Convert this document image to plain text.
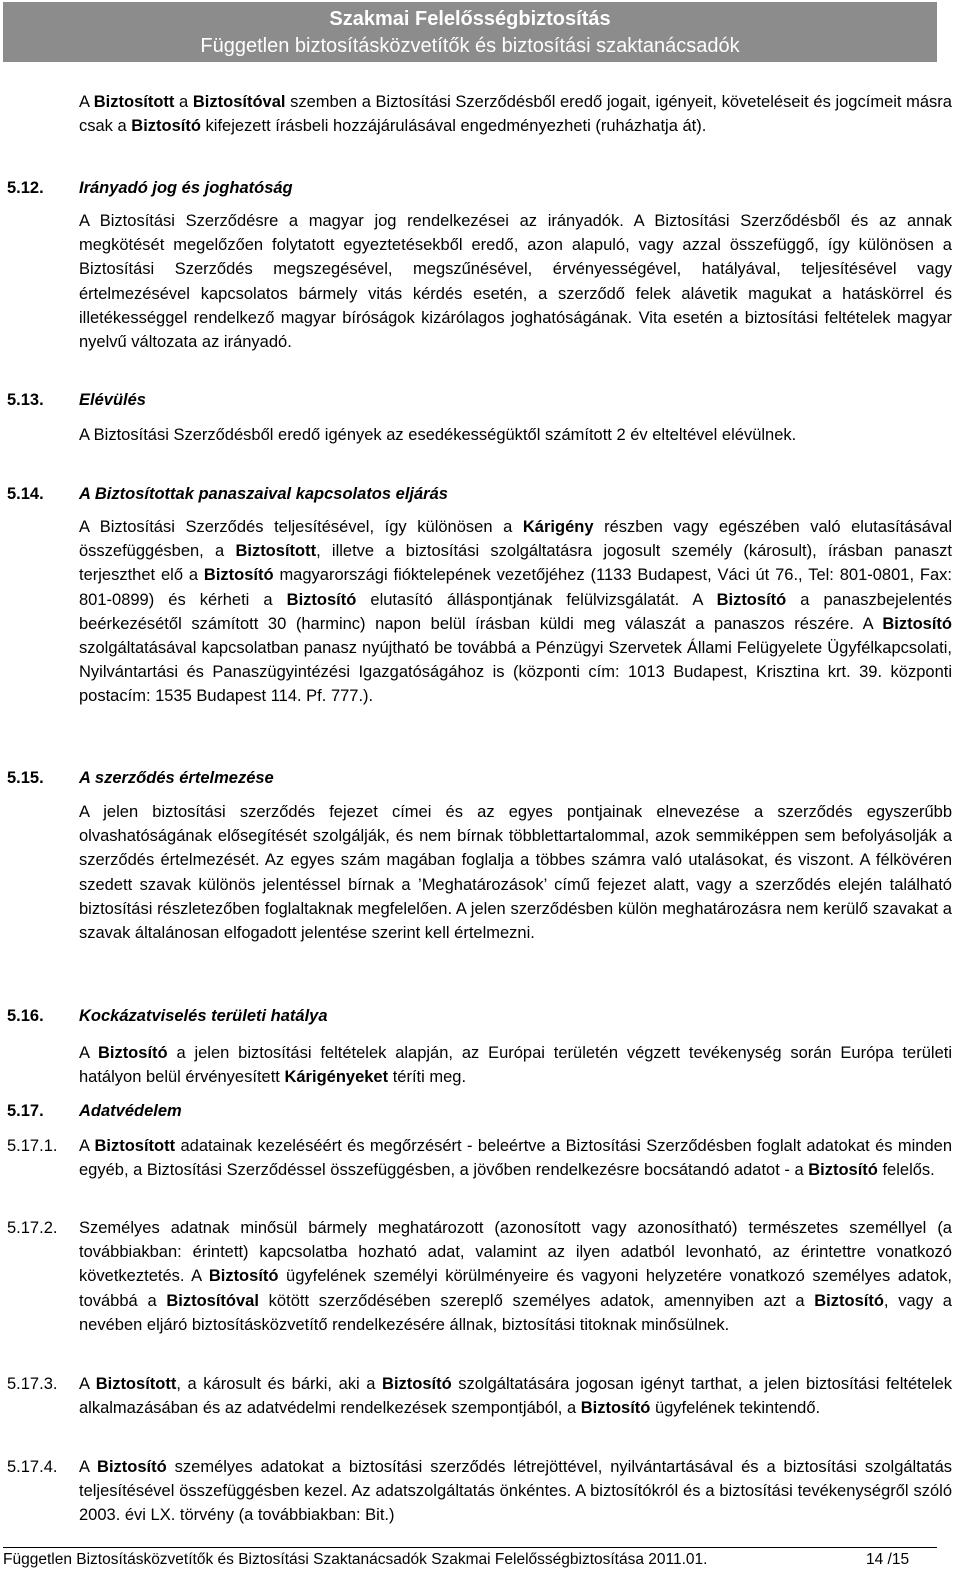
Szakmai Felelősségbiztosítás
Független biztosításközvetítők és biztosítási szaktanácsadók
A Biztosított a Biztosítóval szemben a Biztosítási Szerződésből eredő jogait, igényeit, követeléseit és jogcímeit másra csak a Biztosító kifejezett írásbeli hozzájárulásával engedményezheti (ruházhatja át).
5.12. Irányadó jog és joghatóság
A Biztosítási Szerződésre a magyar jog rendelkezései az irányadók. A Biztosítási Szerződésből és az annak megkötését megelőzően folytatott egyeztetésekből eredő, azon alapuló, vagy azzal összefüggő, így különösen a Biztosítási Szerződés megszegésével, megszűnésével, érvényességével, hatályával, teljesítésével vagy értelmezésével kapcsolatos bármely vitás kérdés esetén, a szerződő felek alávetik magukat a hatáskörrel és illetékességgel rendelkező magyar bíróságok kizárólagos joghatóságának. Vita esetén a biztosítási feltételek magyar nyelvű változata az irányadó.
5.13. Elévülés
A Biztosítási Szerződésből eredő igények az esedékességüktől számított 2 év elteltével elévülnek.
5.14. A Biztosítottak panaszaival kapcsolatos eljárás
A Biztosítási Szerződés teljesítésével, így különösen a Kárigény részben vagy egészében való elutasításával összefüggésben, a Biztosított, illetve a biztosítási szolgáltatásra jogosult személy (károsult), írásban panaszt terjeszthet elő a Biztosító magyarországi fióktelepének vezetőjéhez (1133 Budapest, Váci út 76., Tel: 801-0801, Fax: 801-0899) és kérheti a Biztosító elutasító álláspontjának felülvizsgálatát. A Biztosító a panaszbejelentés beérkezésétől számított 30 (harminc) napon belül írásban küldi meg válaszát a panaszos részére. A Biztosító szolgáltatásával kapcsolatban panasz nyújtható be továbbá a Pénzügyi Szervetek Állami Felügyelete Ügyfélkapcsolati, Nyilvántartási és Panaszügyintézési Igazgatóságához is (központi cím: 1013 Budapest, Krisztina krt. 39. központi postacím: 1535 Budapest 114. Pf. 777.).
5.15. A szerződés értelmezése
A jelen biztosítási szerződés fejezet címei és az egyes pontjainak elnevezése a szerződés egyszerűbb olvashatóságának elősegítését szolgálják, és nem bírnak többlettartalommal, azok semmiképpen sem befolyásolják a szerződés értelmezését. Az egyes szám magában foglalja a többes számra való utalásokat, és viszont. A félkövéren szedett szavak különös jelentéssel bírnak a ’Meghatározások’ című fejezet alatt, vagy a szerződés elején található biztosítási részletezőben foglaltaknak megfelelően. A jelen szerződésben külön meghatározásra nem kerülő szavakat a szavak általánosan elfogadott jelentése szerint kell értelmezni.
5.16. Kockázatviselés területi hatálya
A Biztosító a jelen biztosítási feltételek alapján, az Európai területén végzett tevékenység során Európa területi hatályon belül érvényesített Kárigényeket téríti meg.
5.17. Adatvédelem
5.17.1. A Biztosított adatainak kezeléséért és megőrzésért - beleértve a Biztosítási Szerződésben foglalt adatokat és minden egyéb, a Biztosítási Szerződéssel összefüggésben, a jövőben rendelkezésre bocsátandó adatot - a Biztosító felelős.
5.17.2. Személyes adatnak minősül bármely meghatározott (azonosított vagy azonosítható) természetes személlyel (a továbbiakban: érintett) kapcsolatba hozható adat, valamint az ilyen adatból levonható, az érintettre vonatkozó következtetés. A Biztosító ügyfelének személyi körülményeire és vagyoni helyzetére vonatkozó személyes adatok, továbbá a Biztosítóval kötött szerződésében szereplő személyes adatok, amennyiben azt a Biztosító, vagy a nevében eljáró biztosításközvetítő rendelkezésére állnak, biztosítási titoknak minősülnek.
5.17.3. A Biztosított, a károsult és bárki, aki a Biztosító szolgáltatására jogosan igényt tarthat, a jelen biztosítási feltételek alkalmazásában és az adatvédelmi rendelkezések szempontjából, a Biztosító ügyfelének tekintendő.
5.17.4. A Biztosító személyes adatokat a biztosítási szerződés létrejöttével, nyilvántartásával és a biztosítási szolgáltatás teljesítésével összefüggésben kezel. Az adatszolgáltatás önkéntes. A biztosítókról és a biztosítási tevékenységről szóló 2003. évi LX. törvény (a továbbiakban: Bit.)
Független Biztosításközvetítők és Biztosítási Szaktanácsadók Szakmai Felelősségbiztosítása 2011.01.	14 /15
